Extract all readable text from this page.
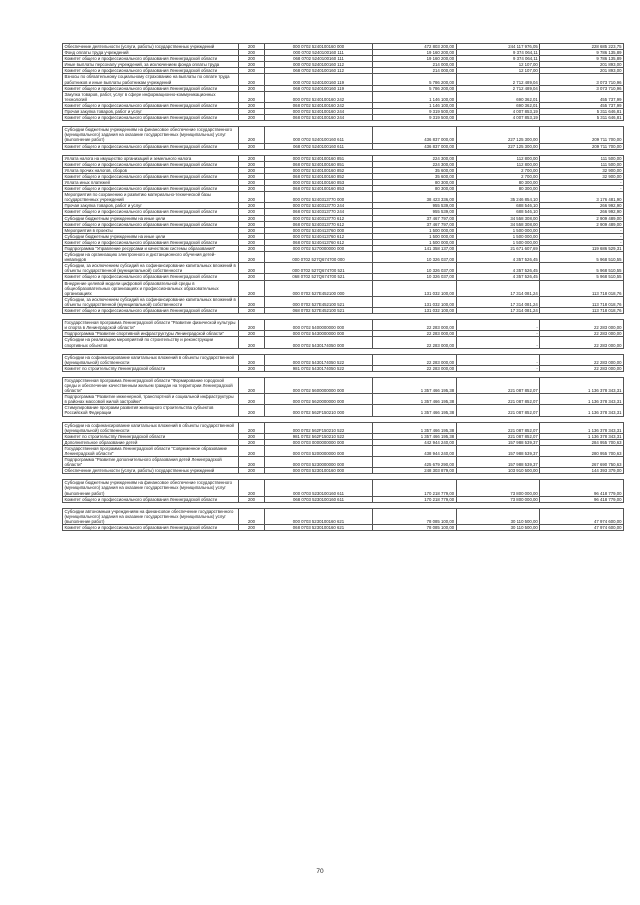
Обеспечение деятельности (услуги, работы) государственных учреждений	200	000 0702 5240100160 000	472 803 200,00	244 117 976,05	228 685 223,75
Фонд оплаты труда учреждений	200	000 0702 5240100160 111	19 160 200,00	9 374 064,11	9 786 135,89
Комитет общего и профессионального образования Ленинградской области	200	068 0702 5240100160 111	19 160 200,00	9 374 064,11	9 786 135,89
Иные выплаты персоналу учреждений, за исключением фонда оплаты труда	200	000 0702 5240100160 112	214 000,00	12 107,00	201 893,00
Комитет общего и профессионального образования Ленинградской области	200	068 0702 5240100160 112	214 000,00	12 107,00	201 893,00
Взносы по обязательному социальному страхованию на выплаты по оплате труда работников и иные выплаты работникам учреждений	200	000 0702 5240100160 119	5 786 200,00	2 712 489,04	3 073 710,96
Комитет общего и профессионального образования Ленинградской области	200	068 0702 5240100160 119	5 786 200,00	2 712 489,04	3 073 710,96
Закупка товаров, работ, услуг в сфере информационно-коммуникационных технологий	200	000 0702 5240100160 242	1 146 100,00	690 362,01	455 737,99
Комитет общего и профессионального образования Ленинградской области	200	068 0702 5240100160 242	1 146 100,00	690 362,01	455 737,99
Прочая закупка товаров, работ и услуг	200	000 0702 5240100160 244	9 319 500,00	4 007 853,19	5 311 646,81
Комитет общего и профессионального образования Ленинградской области	200	068 0702 5240100160 244	9 319 500,00	4 007 853,19	5 311 646,81

Субсидии бюджетным учреждениям на финансовое обеспечение государственного (муниципального) задания на оказание государственных (муниципальных) услуг (выполнение работ)	200	000 0702 5240100160 611	436 837 000,00	227 125 300,00	209 711 700,00
Комитет общего и профессионального образования Ленинградской области	200	068 0702 5240100160 611	436 837 000,00	227 125 300,00	209 711 700,00

Уплата налога на имущество организаций и земельного налога	200	000 0702 5240100160 851	224 300,00	112 800,00	111 500,00
Комитет общего и профессионального образования Ленинградской области	200	068 0702 5240100160 851	224 300,00	112 800,00	111 500,00
Уплата прочих налогов, сборов	200	000 0702 5240100160 852	35 600,00	2 700,00	32 900,00
Комитет общего и профессионального образования Ленинградской области	200	068 0702 5240100160 852	35 600,00	2 700,00	32 900,00
Уплата иных платежей	200	000 0702 5240100160 853	80 300,00	80 300,00	-
Комитет общего и профессионального образования Ленинградской области	200	068 0702 5240100160 853	80 300,00	80 300,00	-
Мероприятия по сохранению и развитию материально-технической базы государственных учреждений	200	000 0702 5240313770 000	38 423 336,00	35 246 854,10	3 176 481,90
Прочая закупка товаров, работ и услуг	200	000 0702 5240313770 244	955 539,00	688 546,10	266 992,90
Комитет общего и профессионального образования Ленинградской области	200	068 0702 5240313770 244	955 539,00	688 546,10	266 992,90
Субсидии бюджетным учреждениям на иные цели	200	000 0702 5240313770 612	37 467 797,00	34 558 308,00	2 909 489,00
Комитет общего и профессионального образования Ленинградской области	200	068 0702 5240313770 612	37 467 797,00	34 558 308,00	2 909 489,00
Мероприятия в проекты	200	000 0702 5240413760 000	1 500 000,00	1 500 000,00	-
Субсидии бюджетным учреждениям на иные цели	200	000 0702 5240413760 612	1 500 000,00	1 500 000,00	-
Комитет общего и профессионального образования Ленинградской области	200	068 0702 5240413760 612	1 500 000,00	1 500 000,00	-
Подпрограмма "Управление ресурсами и качеством системы образования"	200	000 0702 5270000000 000	141 358 137,00	21 671 607,69	119 686 529,31
Субсидии на организацию электронного и дистанционного обучения детей-инвалидов	200	000 0702 527Q674700 000	10 326 037,00	4 357 526,45	5 968 510,55
Субсидии, за исключением субсидий на софинансирование капитальных вложений в объекты государственной (муниципальной) собственности	200	000 0702 527Q674700 521	10 326 037,00	4 357 526,45	5 968 510,55
Комитет общего и профессионального образования Ленинградской области	200	068 0702 527Q674700 521	10 326 037,00	4 357 526,45	5 968 510,55
Внедрение целевой модели цифровой образовательной среды в общеобразовательных организациях и профессиональных образовательных организациях	200	000 0702 527E452100 000	131 032 100,00	17 314 081,24	113 718 018,76
Субсидии, за исключением субсидий на софинансирование капитальных вложений в объекты государственной (муниципальной) собственности	200	000 0702 527E452100 521	131 032 100,00	17 314 081,24	113 718 018,76
Комитет общего и профессионального образования Ленинградской области	200	068 0702 527E452100 521	131 032 100,00	17 314 081,24	113 718 018,76

Государственная программа Ленинградской области "Развитие физической культуры и спорта в Ленинградской области"	200	000 0702 5400000000 000	22 283 000,00	-	22 283 000,00
Подпрограмма "Развитие спортивной инфраструктуры Ленинградской области"	200	000 0702 5430000000 000	22 283 000,00	-	22 283 000,00
Субсидии на реализацию мероприятий по строительству и реконструкции спортивных объектов	200	000 0702 5430174050 000	22 283 000,00	-	22 283 000,00

Субсидии на софинансирование капитальных вложений в объекты государственной (муниципальной) собственности	200	000 0702 5430174050 522	22 283 000,00	-	22 283 000,00
Комитет по строительству Ленинградской области	200	981 0702 5430174050 522	22 283 000,00	-	22 283 000,00

Государственная программа Ленинградской области "Формирование городской среды и обеспечение качественным жильем граждан на территории Ленинградской области"	200	000 0702 5600000000 000	1 357 466 195,38	221 087 852,07	1 136 378 343,31
Подпрограмма "Развитие инженерной, транспортной и социальной инфраструктуры в районах массовой жилой застройки"	200	000 0702 5620000000 000	1 357 466 195,38	221 087 852,07	1 136 378 343,31
Стимулирование программ развития жилищного строительства субъектов Российской Федерации	200	000 0702 562F150210 000	1 357 466 195,38	221 087 852,07	1 136 378 343,31

Субсидии на софинансирование капитальных вложений в объекты государственной (муниципальной) собственности	200	000 0702 562F150210 522	1 357 466 195,38	221 087 852,07	1 136 378 343,31
Комитет по строительству Ленинградской области	200	981 0702 562F150210 522	1 357 466 195,38	221 087 852,07	1 136 378 343,31
Дополнительное образование детей	200	000 0703 0000000000 000	442 944 240,00	157 988 539,37	284 955 700,63
Государственная программа Ленинградской области "Современное образование Ленинградской области"	200	000 0703 5200000000 000	438 944 240,00	157 988 539,37	280 955 700,63
Подпрограмма "Развитие дополнительного образования детей Ленинградской области"	200	000 0703 5230000000 000	425 679 290,00	157 988 539,37	267 690 750,63
Обеспечение деятельности (услуги, работы) государственных учреждений	200	000 0703 5230100160 000	248 303 879,00	103 910 500,00	144 393 379,00

Субсидии бюджетным учреждениям на финансовое обеспечение государственного (муниципального) задания на оказание государственных (муниципальных) услуг (выполнение работ)	200	000 0703 5230100160 611	170 218 779,00	73 800 000,00	96 418 779,00
Комитет общего и профессионального образования Ленинградской области	200	068 0703 5230100160 611	170 218 779,00	73 800 000,00	96 418 779,00

Субсидии автономным учреждениям на финансовое обеспечение государственного (муниципального) задания на оказание государственных (муниципальных) услуг (выполнение работ)	200	000 0703 5230100160 621	78 085 100,00	30 110 500,00	47 974 600,00
Комитет общего и профессионального образования Ленинградской области	200	068 0703 5230100160 621	78 085 100,00	30 110 500,00	47 974 600,00
70
